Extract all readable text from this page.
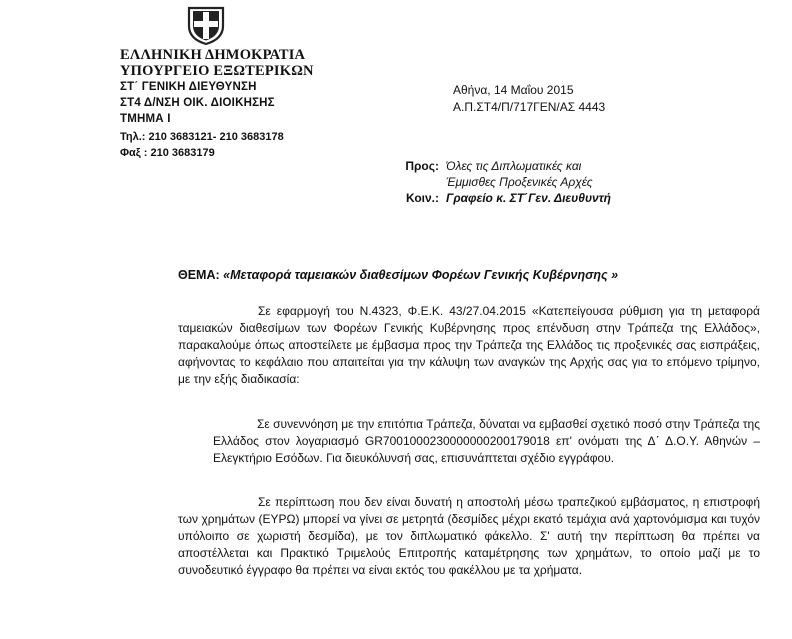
ΕΛΛΗΝΙΚΗ ΔΗΜΟΚΡΑΤΙΑ
ΥΠΟΥΡΓΕΙΟ ΕΞΩΤΕΡΙΚΩΝ
ΣΤ΄ ΓΕΝΙΚΗ ΔΙΕΥΘΥΝΣΗ
ΣΤ4 Δ/ΝΣΗ ΟΙΚ. ΔΙΟΙΚΗΣΗΣ
ΤΜΗΜΑ Ι
Τηλ.: 210 3683121- 210 3683178
Φαξ : 210 3683179
Αθήνα, 14 Μαΐου 2015
Α.Π.ΣΤ4/Π/717ΓΕΝ/ΑΣ 4443
Προς: Όλες τις Διπλωματικές και
Έμμισθες Προξενικές Αρχές
Κοιν.: Γραφείο κ. ΣΤ΄Γεν. Διευθυντή
ΘΕΜΑ: «Μεταφορά ταμειακών διαθεσίμων Φορέων Γενικής Κυβέρνησης »
Σε εφαρμογή του Ν.4323, Φ.Ε.Κ. 43/27.04.2015 «Κατεπείγουσα ρύθμιση για τη μεταφορά ταμειακών διαθεσίμων των Φορέων Γενικής Κυβέρνησης προς επένδυση στην Τράπεζα της Ελλάδος», παρακαλούμε όπως αποστείλετε με έμβασμα προς την Τράπεζα της Ελλάδος τις προξενικές σας εισπράξεις, αφήνοντας το κεφάλαιο που απαιτείται για την κάλυψη των αναγκών της Αρχής σας για το επόμενο τρίμηνο, με την εξής διαδικασία:
Σε συνεννόηση με την επιτόπια Τράπεζα, δύναται να εμβασθεί σχετικό ποσό στην Τράπεζα της Ελλάδος στον λογαριασμό GR7001000230000000200179018 επ' ονόματι της Δ΄ Δ.Ο.Υ. Αθηνών – Ελεγκτήριο Εσόδων. Για διευκόλυνσή σας, επισυνάπτεται σχέδιο εγγράφου.
Σε περίπτωση που δεν είναι δυνατή η αποστολή μέσω τραπεζικού εμβάσματος, η επιστροφή των χρημάτων (ΕΥΡΩ) μπορεί να γίνει σε μετρητά (δεσμίδες μέχρι εκατό τεμάχια ανά χαρτονόμισμα και τυχόν υπόλοιπο σε χωριστή δεσμίδα), με τον διπλωματικό φάκελλο. Σ' αυτή την περίπτωση θα πρέπει να αποστέλλεται και Πρακτικό Τριμελούς Επιτροπής καταμέτρησης των χρημάτων, το οποίο μαζί με το συνοδευτικό έγγραφο θα πρέπει να είναι εκτός του φακέλλου με τα χρήματα.
